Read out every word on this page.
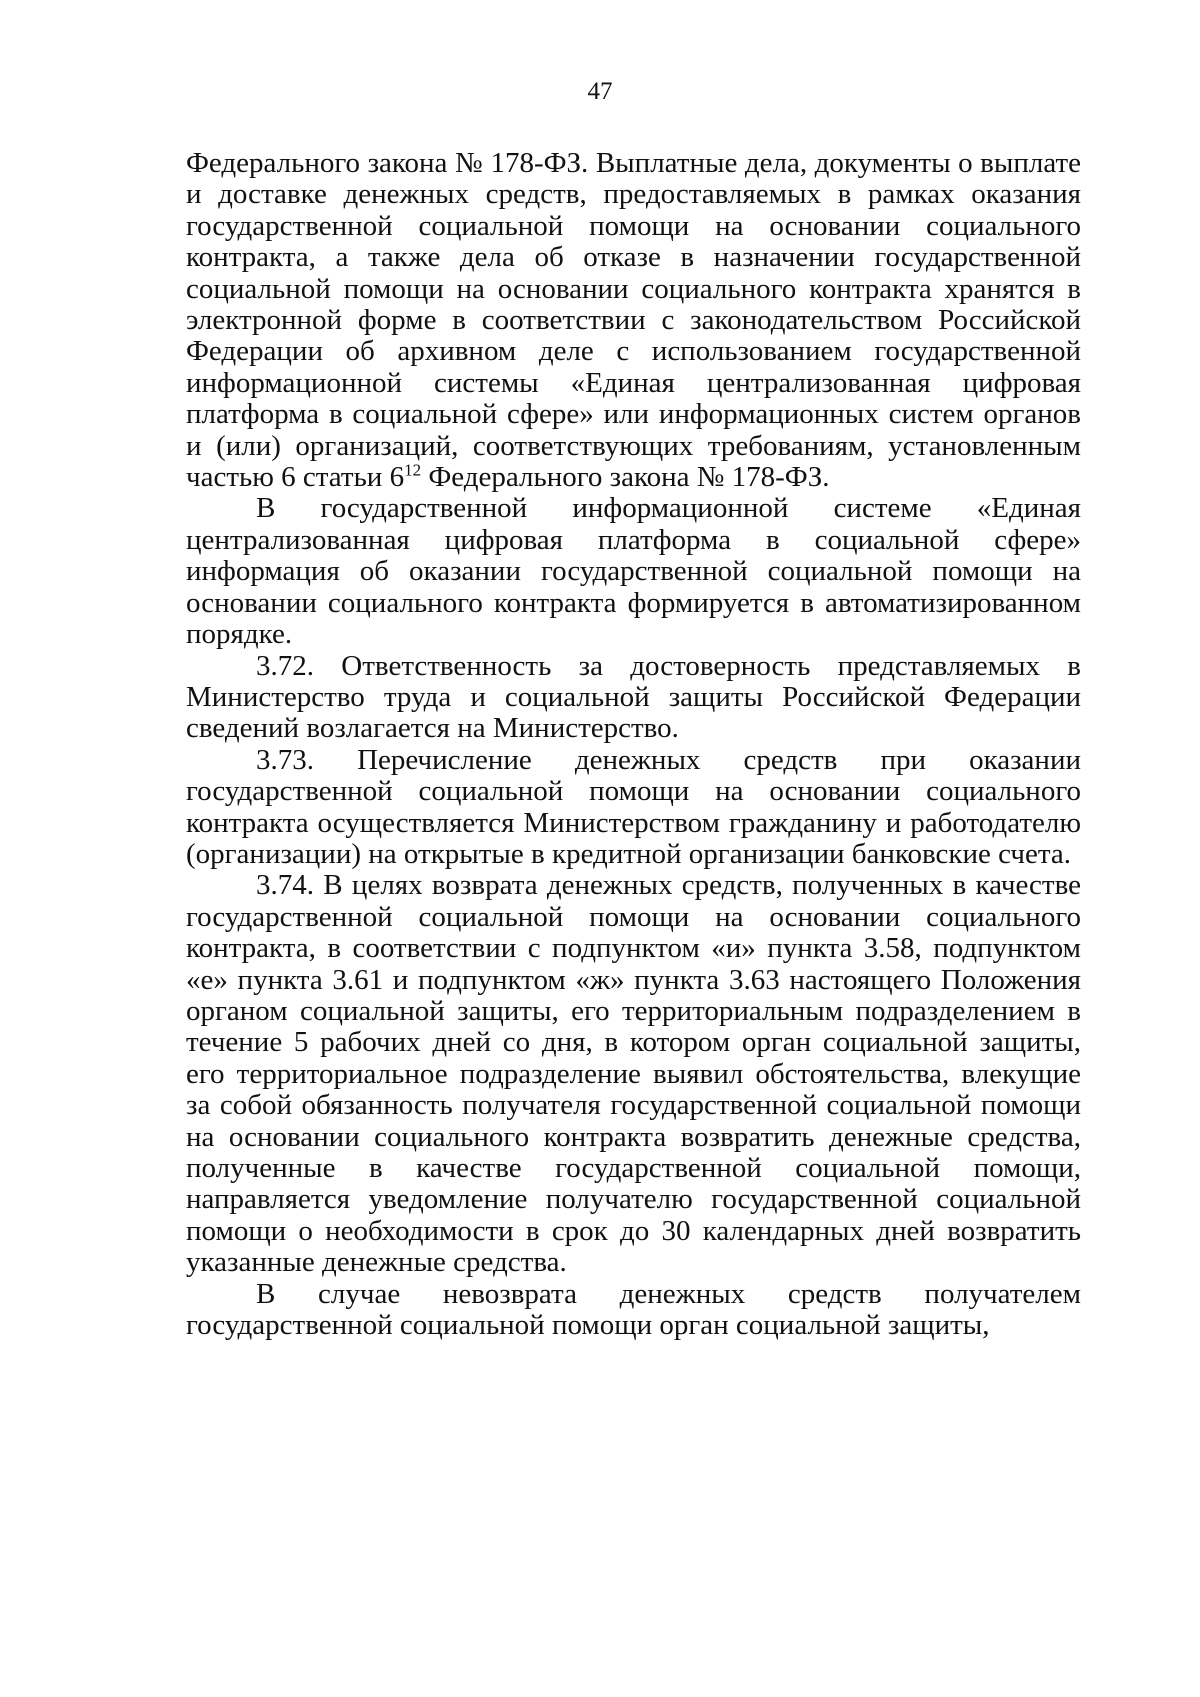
47

Федерального закона № 178-ФЗ. Выплатные дела, документы о выплате и доставке денежных средств, предоставляемых в рамках оказания государственной социальной помощи на основании социального контракта, а также дела об отказе в назначении государственной социальной помощи на основании социального контракта хранятся в электронной форме в соответствии с законодательством Российской Федерации об архивном деле с использованием государственной информационной системы «Единая централизованная цифровая платформа в социальной сфере» или информационных систем органов и (или) организаций, соответствующих требованиям, установленным частью 6 статьи $6^{12}$ Федерального закона № 178-ФЗ.

В государственной информационной системе «Единая централизованная цифровая платформа в социальной сфере» информация об оказании государственной социальной помощи на основании социального контракта формируется в автоматизированном порядке.

3.72. Ответственность за достоверность представляемых в Министерство труда и социальной защиты Российской Федерации сведений возлагается на Министерство.

3.73. Перечисление денежных средств при оказании государственной социальной помощи на основании социального контракта осуществляется Министерством гражданину и работодателю (организации) на открытые в кредитной организации банковские счета.

3.74. В целях возврата денежных средств, полученных в качестве государственной социальной помощи на основании социального контракта, в соответствии с подпунктом «и» пункта 3.58, подпунктом «е» пункта 3.61 и подпунктом «ж» пункта 3.63 настоящего Положения органом социальной защиты, его территориальным подразделением в течение 5 рабочих дней со дня, в котором орган социальной защиты, его территориальное подразделение выявил обстоятельства, влекущие за собой обязанность получателя государственной социальной помощи на основании социального контракта возвратить денежные средства, полученные в качестве государственной социальной помощи, направляется уведомление получателю государственной социальной помощи о необходимости в срок до 30 календарных дней возвратить указанные денежные средства.

В случае невозврата денежных средств получателем государственной социальной помощи орган социальной защиты,
